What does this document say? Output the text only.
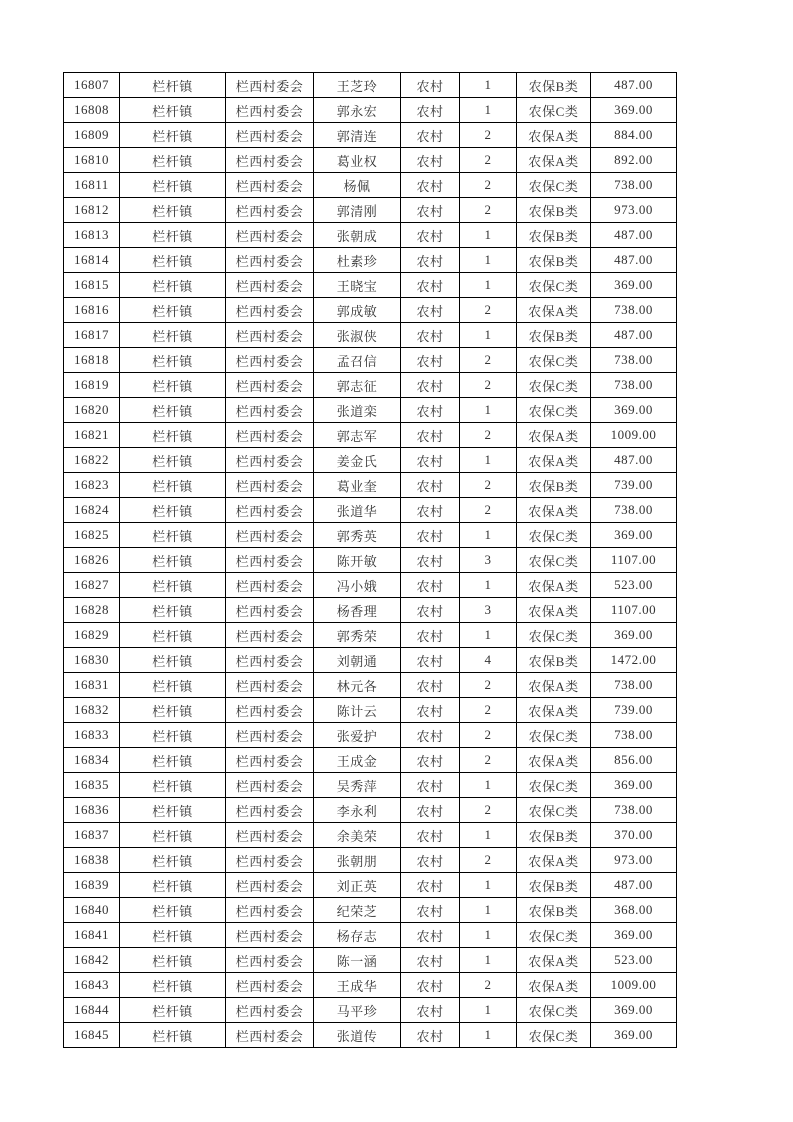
16807	栏杆镇	栏西村委会	王芝玲	农村	1	农保B类	487.00
16808	栏杆镇	栏西村委会	郭永宏	农村	1	农保C类	369.00
16809	栏杆镇	栏西村委会	郭清连	农村	2	农保A类	884.00
16810	栏杆镇	栏西村委会	葛业权	农村	2	农保A类	892.00
16811	栏杆镇	栏西村委会	杨佩	农村	2	农保C类	738.00
16812	栏杆镇	栏西村委会	郭清刚	农村	2	农保B类	973.00
16813	栏杆镇	栏西村委会	张朝成	农村	1	农保B类	487.00
16814	栏杆镇	栏西村委会	杜素珍	农村	1	农保B类	487.00
16815	栏杆镇	栏西村委会	王晓宝	农村	1	农保C类	369.00
16816	栏杆镇	栏西村委会	郭成敏	农村	2	农保A类	738.00
16817	栏杆镇	栏西村委会	张淑侠	农村	1	农保B类	487.00
16818	栏杆镇	栏西村委会	孟召信	农村	2	农保C类	738.00
16819	栏杆镇	栏西村委会	郭志征	农村	2	农保C类	738.00
16820	栏杆镇	栏西村委会	张道栾	农村	1	农保C类	369.00
16821	栏杆镇	栏西村委会	郭志军	农村	2	农保A类	1009.00
16822	栏杆镇	栏西村委会	姜金氏	农村	1	农保A类	487.00
16823	栏杆镇	栏西村委会	葛业奎	农村	2	农保B类	739.00
16824	栏杆镇	栏西村委会	张道华	农村	2	农保A类	738.00
16825	栏杆镇	栏西村委会	郭秀英	农村	1	农保C类	369.00
16826	栏杆镇	栏西村委会	陈开敏	农村	3	农保C类	1107.00
16827	栏杆镇	栏西村委会	冯小娥	农村	1	农保A类	523.00
16828	栏杆镇	栏西村委会	杨香理	农村	3	农保A类	1107.00
16829	栏杆镇	栏西村委会	郭秀荣	农村	1	农保C类	369.00
16830	栏杆镇	栏西村委会	刘朝通	农村	4	农保B类	1472.00
16831	栏杆镇	栏西村委会	林元各	农村	2	农保A类	738.00
16832	栏杆镇	栏西村委会	陈计云	农村	2	农保A类	739.00
16833	栏杆镇	栏西村委会	张爱护	农村	2	农保C类	738.00
16834	栏杆镇	栏西村委会	王成金	农村	2	农保A类	856.00
16835	栏杆镇	栏西村委会	吴秀萍	农村	1	农保C类	369.00
16836	栏杆镇	栏西村委会	李永利	农村	2	农保C类	738.00
16837	栏杆镇	栏西村委会	余美荣	农村	1	农保B类	370.00
16838	栏杆镇	栏西村委会	张朝朋	农村	2	农保A类	973.00
16839	栏杆镇	栏西村委会	刘正英	农村	1	农保B类	487.00
16840	栏杆镇	栏西村委会	纪荣芝	农村	1	农保B类	368.00
16841	栏杆镇	栏西村委会	杨存志	农村	1	农保C类	369.00
16842	栏杆镇	栏西村委会	陈一涵	农村	1	农保A类	523.00
16843	栏杆镇	栏西村委会	王成华	农村	2	农保A类	1009.00
16844	栏杆镇	栏西村委会	马平珍	农村	1	农保C类	369.00
16845	栏杆镇	栏西村委会	张道传	农村	1	农保C类	369.00
